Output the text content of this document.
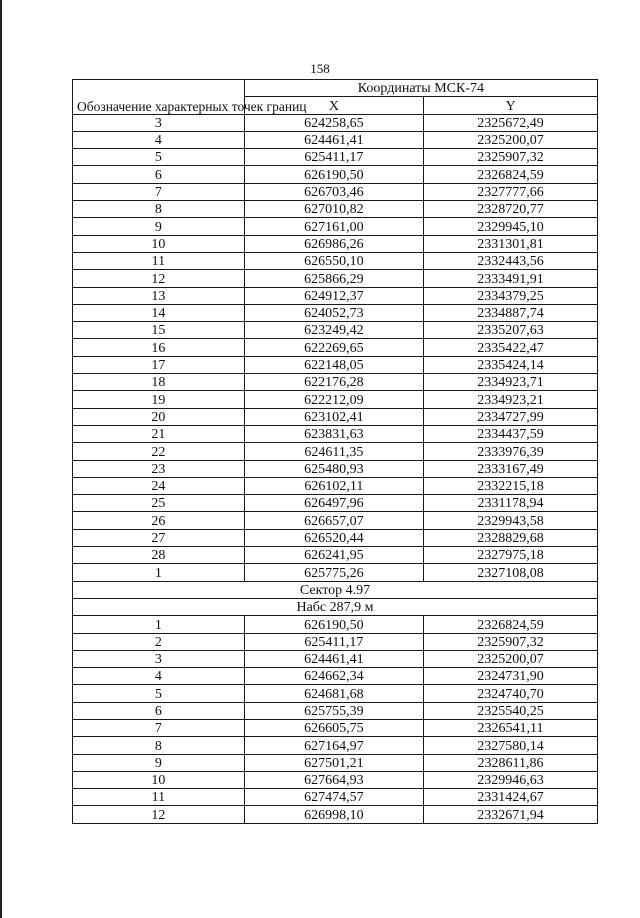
158
Обозначение характерных точек границ	Координаты МСК-74	
	X	Y
3	624258,65	2325672,49
4	624461,41	2325200,07
5	625411,17	2325907,32
6	626190,50	2326824,59
7	626703,46	2327777,66
8	627010,82	2328720,77
9	627161,00	2329945,10
10	626986,26	2331301,81
11	626550,10	2332443,56
12	625866,29	2333491,91
13	624912,37	2334379,25
14	624052,73	2334887,74
15	623249,42	2335207,63
16	622269,65	2335422,47
17	622148,05	2335424,14
18	622176,28	2334923,71
19	622212,09	2334923,21
20	623102,41	2334727,99
21	623831,63	2334437,59
22	624611,35	2333976,39
23	625480,93	2333167,49
24	626102,11	2332215,18
25	626497,96	2331178,94
26	626657,07	2329943,58
27	626520,44	2328829,68
28	626241,95	2327975,18
1	625775,26	2327108,08
Сектор 4.97		
Набс 287,9 м		
1	626190,50	2326824,59
2	625411,17	2325907,32
3	624461,41	2325200,07
4	624662,34	2324731,90
5	624681,68	2324740,70
6	625755,39	2325540,25
7	626605,75	2326541,11
8	627164,97	2327580,14
9	627501,21	2328611,86
10	627664,93	2329946,63
11	627474,57	2331424,67
12	626998,10	2332671,94
